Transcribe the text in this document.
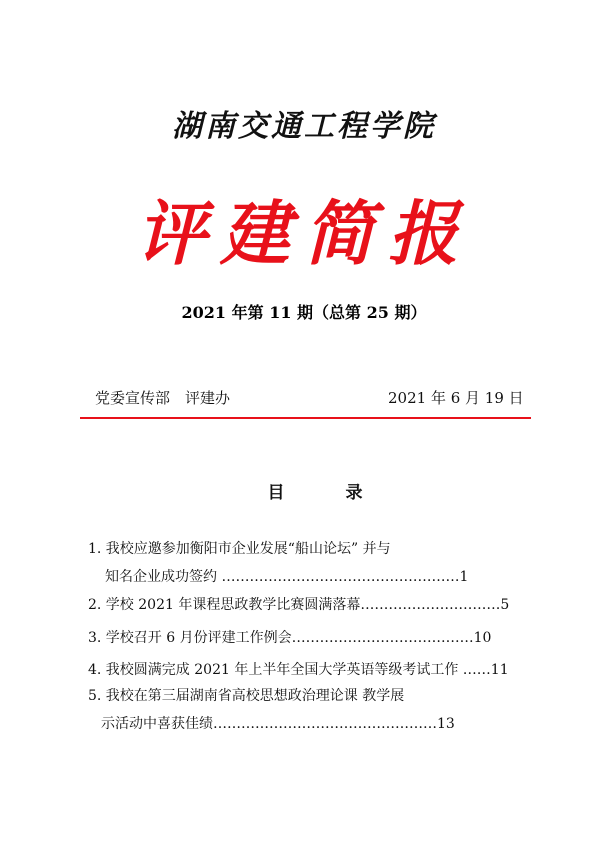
湖南交通工程学院
评建简报
2021 年第 11 期（总第 25 期）
党委宣传部　评建办	2021 年 6 月 19 日
目　录
1. 我校应邀参加衡阳市企业发展“船山论坛” 并与
知名企业成功签约 ……………………………………………1
2. 学校 2021 年课程思政教学比赛圆满落幕…………………………5
3. 学校召开 6 月份评建工作例会…………………………………10
4. 我校圆满完成 2021 年上半年全国大学英语等级考试工作 ……11
5. 我校在第三届湖南省高校思想政治理论课 教学展
示活动中喜获佳绩…………………………………………13
